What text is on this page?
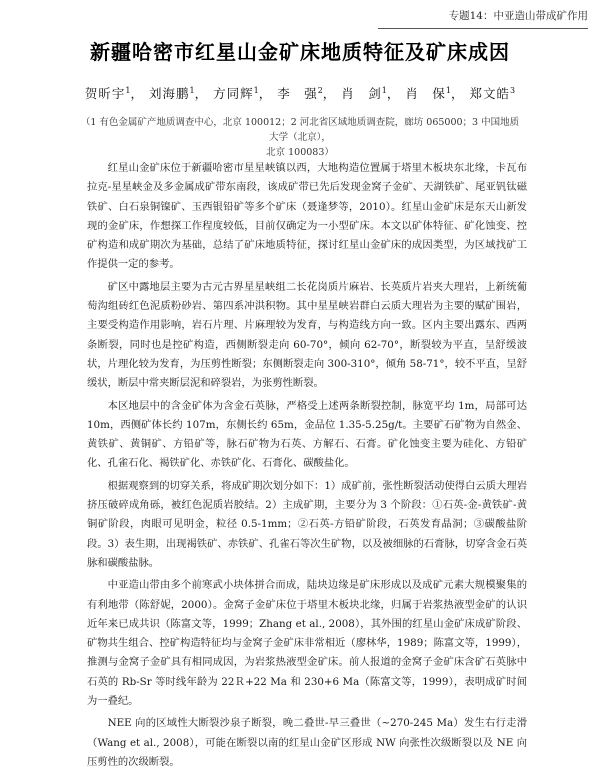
专题14：中亚造山带成矿作用
新疆哈密市红星山金矿床地质特征及矿床成因
贺昕宇$^1$， 刘海鹏$^1$， 方同辉$^1$， 李　强$^2$， 肖　剑$^1$， 肖　保$^1$， 郑文皓$^3$
（1 有色金属矿产地质调查中心，北京 100012；2 河北省区域地质调查院，廊坊 065000；3 中国地质大学（北京），
北京 100083）

红星山金矿床位于新疆哈密市星星峡镇以西，大地构造位置属于塔里木板块东北缘，卡瓦布拉克-星星峡金及多金属成矿带东南段，该成矿带已先后发现金窝子金矿、天湖铁矿、尾亚钒钛磁铁矿、白石泉铜镍矿、玉西银铅矿等多个矿床（聂逢梦等，2010）。红星山金矿床是东天山新发现的金矿床，作想探工作程度较低，目前仅确定为一小型矿床。本文以矿体特征、矿化蚀变、控矿构造和成矿期次为基础，总结了矿床地质特征，探讨红星山金矿床的成因类型，为区域找矿工作提供一定的参考。

矿区中露地层主要为古元古界星星峡组二长花岗质片麻岩、长英质片岩夹大理岩，上新统葡萄沟组砖红色泥质粉砂岩、第四系冲洪积物。其中星星峡岩群白云质大理岩为主要的赋矿围岩，主要受构造作用影响，岩石片理、片麻理较为发育，与构造线方向一致。区内主要出露东、西两条断裂，同时也是控矿构造，西侧断裂走向 60-70°，倾向 62-70°，断裂较为平直，呈舒缓波状，片理化较为发育，为压剪性断裂；东侧断裂走向 300-310°，倾角 58-71°，较不平直，呈舒缓状，断层中常夹断层泥和碎裂岩，为张剪性断裂。

本区地层中的含金矿体为含金石英脉，严格受上述两条断裂控制，脉宽平均 1m，局部可达 10m，西侧矿体长约 107m，东侧长约 65m，金品位 1.35-5.25g/t。主要矿石矿物为自然金、黄铁矿、黄铜矿、方铅矿等，脉石矿物为石英、方解石、石膏。矿化蚀变主要为硅化、方铅矿化、孔雀石化、褐铁矿化、赤铁矿化、石膏化、碳酸盐化。

根据观察到的切穿关系，将成矿期次划分如下：1）成矿前，张性断裂活动使得白云质大理岩挤压破碎成角砾，被红色泥质岩胶结。2）主成矿期，主要分为 3 个阶段：①石英-金-黄铁矿-黄铜矿阶段，肉眼可见明金，粒径 0.5-1mm；②石英-方铅矿阶段，石英发育晶洞；③碳酸盐阶段。3）表生期，出现褐铁矿、赤铁矿、孔雀石等次生矿物，以及被细脉的石膏脉，切穿含金石英脉和碳酸盐脉。

中亚造山带由多个前寒武小块体拼合而成，陆块边缘是矿床形成以及成矿元素大规模聚集的有利地带（陈舒妮，2000）。金窝子金矿床位于塔里木板块北缘，归属于岩浆热液型金矿的认识近年来已成共识（陈富文等，1999；Zhang et al., 2008），其外围的红星山金矿床成矿阶段、矿物共生组合、控矿构造特征均与金窝子金矿床非常相近（廖林华，1989；陈富文等，1999），推测与金窝子金矿具有相同成因，为岩浆热液型金矿床。前人报道的金窝子金矿床含矿石英脉中石英的 Rb-Sr 等时线年龄为 22Ｒ+22 Ma 和 230+6 Ma（陈富文等，1999），表明成矿时间为一叠纪。

NEE 向的区域性大断裂沙泉子断裂，晚二叠世-早三叠世（~270-245 Ma）发生右行走滑（Wang et al., 2008），可能在断裂以南的红星山金矿区形成 NW 向张性次级断裂以及 NE 向压剪性的次级断裂。
